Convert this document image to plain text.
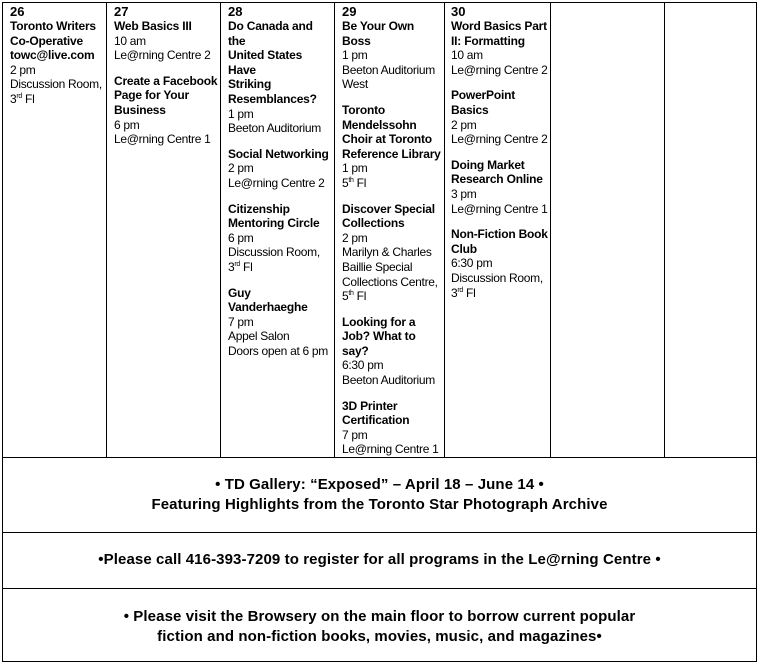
26
Toronto Writers
Co-Operative
towc@live.com
2 pm
Discussion Room,
3rd Fl
27
Web Basics III
10 am
Le@rning Centre 2
Create a Facebook
Page for Your
Business
6 pm
Le@rning Centre 1
28
Do Canada and the
United States Have
Striking
Resemblances?
1 pm
Beeton Auditorium
Social Networking
2 pm
Le@rning Centre 2
Citizenship
Mentoring Circle
6 pm
Discussion Room,
3rd Fl
Guy Vanderhaeghe
7 pm
Appel Salon
Doors open at 6 pm
29
Be Your Own
Boss
1 pm
Beeton Auditorium
West
Toronto
Mendelssohn
Choir at Toronto
Reference Library
1 pm
5th Fl
Discover Special
Collections
2 pm
Marilyn & Charles
Baillie Special
Collections Centre,
5th Fl
Looking for a
Job? What to say?
6:30 pm
Beeton Auditorium
3D Printer
Certification
7 pm
Le@rning Centre 1
30
Word Basics Part
II: Formatting
10 am
Le@rning Centre 2
PowerPoint Basics
2 pm
Le@rning Centre 2
Doing Market
Research Online
3 pm
Le@rning Centre 1
Non-Fiction Book
Club
6:30 pm
Discussion Room,
3rd Fl
• TD Gallery: “Exposed” – April 18 – June 14 •
Featuring Highlights from the Toronto Star Photograph Archive
•Please call 416-393-7209 to register for all programs in the Le@rning Centre •
• Please visit the Browsery on the main floor to borrow current popular
fiction and non-fiction books, movies, music, and magazines•
